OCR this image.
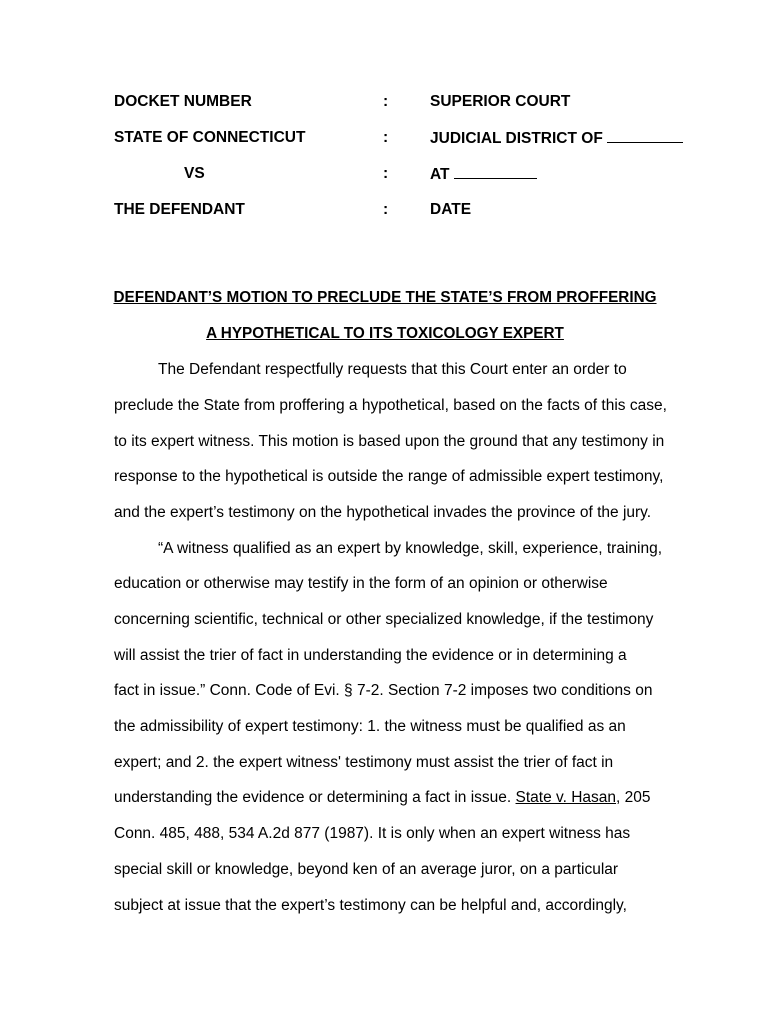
DOCKET NUMBER	:	SUPERIOR COURT
STATE OF CONNECTICUT	:	JUDICIAL DISTRICT OF
VS	:	AT
THE DEFENDANT	:	DATE
DEFENDANT’S MOTION TO PRECLUDE THE STATE’S FROM PROFFERING
A HYPOTHETICAL TO ITS TOXICOLOGY EXPERT
The Defendant respectfully requests that this Court enter an order to
preclude the State from proffering a hypothetical, based on the facts of this case,
to its expert witness. This motion is based upon the ground that any testimony in
response to the hypothetical is outside the range of admissible expert testimony,
and the expert’s testimony on the hypothetical invades the province of the jury.
“A witness qualified as an expert by knowledge, skill, experience, training,
education or otherwise may testify in the form of an opinion or otherwise
concerning scientific, technical or other specialized knowledge, if the testimony
will assist the trier of fact in understanding the evidence or in determining a
fact in issue.” Conn. Code of Evi. § 7-2. Section 7-2 imposes two conditions on
the admissibility of expert testimony: 1. the witness must be qualified as an
expert; and 2. the expert witness' testimony must assist the trier of fact in
understanding the evidence or determining a fact in issue. State v. Hasan, 205
Conn. 485, 488, 534 A.2d 877 (1987). It is only when an expert witness has
special skill or knowledge, beyond ken of an average juror, on a particular
subject at issue that the expert’s testimony can be helpful and, accordingly,
